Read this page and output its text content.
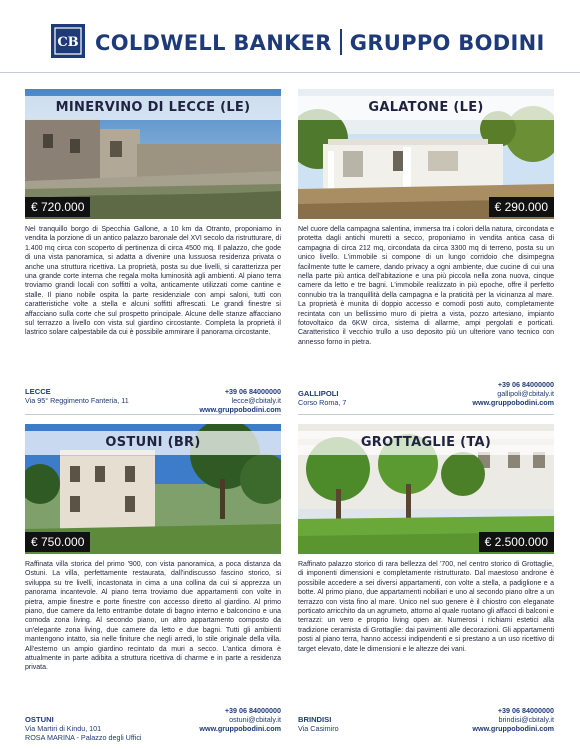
CB COLDWELL BANKER GRUPPO BODINI
MINERVINO DI LECCE (LE)
€ 720.000
Nel tranquillo borgo di Specchia Gallone, a 10 km da Otranto, proponiamo in vendita la porzione di un antico palazzo baronale del XVI secolo da ristrutturare, di 1.400 mq circa con scoperto di pertinenza di circa 4500 mq. Il palazzo, che gode di una vista panoramica, si adatta a divenire una lussuosa residenza privata o anche una struttura ricettiva. La proprietà, posta su due livelli, si caratterizza per una grande corte interna che regala molta luminosità agli ambienti. Al piano terra troviamo grandi locali con soffitti a volta, anticamente utilizzati come cantine e stalle. Il piano nobile ospita la parte residenziale con ampi saloni, tutti con caratteristiche volte a stella e alcuni soffitti affrescati. Le grandi finestre si affacciano sulla corte che sul prospetto principale. Alcune delle stanze affacciano sul terrazzo a livello con vista sul giardino circostante. Completa la proprietà il lastrico solare calpestabile da cui è possibile ammirare il panorama circostante.
LECCE
Via 95° Reggimento Fanteria, 11
+39 06 84000000
lecce@cbitaly.it
www.gruppobodini.com
GALATONE (LE)
€ 290.000
Nel cuore della campagna salentina, immersa tra i colori della natura, circondata e protetta dagli antichi muretti a secco, proponiamo in vendita antica casa di campagna di circa 212 mq, circondata da circa 3300 mq di terreno, posta su un unico livello. L'immobile si compone di un lungo corridoio che disimpegna facilmente tutte le camere, dando privacy a ogni ambiente, due cucine di cui una nella parte più antica dell'abitazione e una più piccola nella zona nuova, cinque camere da letto e tre bagni. L'immobile realizzato in più epoche, offre il perfetto connubio tra la tranquillità della campagna e la praticità per la vicinanza al mare. La proprietà è munita di doppio accesso e comodi posti auto, completamente recintata con un bellissimo muro di pietra a vista, pozzo artesiano, impianto fotovoltaico da 6KW circa, sistema di allarme, ampi pergolati e porticati. Caratteristico il vecchio trullo a uso deposito più un ulteriore vano tecnico con annesso forno in pietra.
GALLIPOLI
Corso Roma, 7
+39 06 84000000
gallipoli@cbitaly.it
www.gruppobodini.com
OSTUNI (BR)
€ 750.000
Raffinata villa storica del primo '900, con vista panoramica, a poca distanza da Ostuni. La villa, perfettamente restaurata, dall'indiscusso fascino storico, si sviluppa su tre livelli, incastonata in cima a una collina da cui si apprezza un panorama incantevole. Al piano terra troviamo due appartamenti con volte in pietra, ampie finestre e porte finestre con accesso diretto al giardino. Al primo piano, due camere da letto entrambe dotate di bagno interno e balconcino e una comoda zona living. Al secondo piano, un altro appartamento composto da un'elegante zona living, due camere da letto e due bagni. Tutti gli ambienti mantengono intatto, sia nelle finiture che negli arredi, lo stile originale della villa. All'esterno un ampio giardino recintato da muri a secco. L'antica dimora è attualmente in parte adibita a struttura ricettiva di charme e in parte a residenza privata.
OSTUNI
Via Martiri di Kindu, 101
ROSA MARINA - Palazzo degli Uffici
+39 06 84000000
ostuni@cbitaly.it
www.gruppobodini.com
GROTTAGLIE (TA)
€ 2.500.000
Raffinato palazzo storico di rara bellezza del '700, nel centro storico di Grottaglie, di imponenti dimensioni e completamente ristrutturato. Dal maestoso androne è possibile accedere a sei diversi appartamenti, con volte a stella, a padiglione e a botte. Al primo piano, due appartamenti nobiliari e uno al secondo piano oltre a un terrazzo con vista fino al mare. Unico nel suo genere è il chiostro con eleganate porticato arricchito da un agrumeto, attorno al quale ruotano gli affacci di balconi e terrazzi: un vero e proprio living open air. Numerosi i richiami estetici alla tradizione ceramista di Grottaglie: dai pavimenti alle decorazioni. Gli appartamenti posti al piano terra, hanno accessi indipendenti e si prestano a un uso ricettivo di target elevato, date le dimensioni e le altezze dei vani.
BRINDISI
Via Casimiro
+39 06 84000000
brindisi@cbitaly.it
www.gruppobodini.com
